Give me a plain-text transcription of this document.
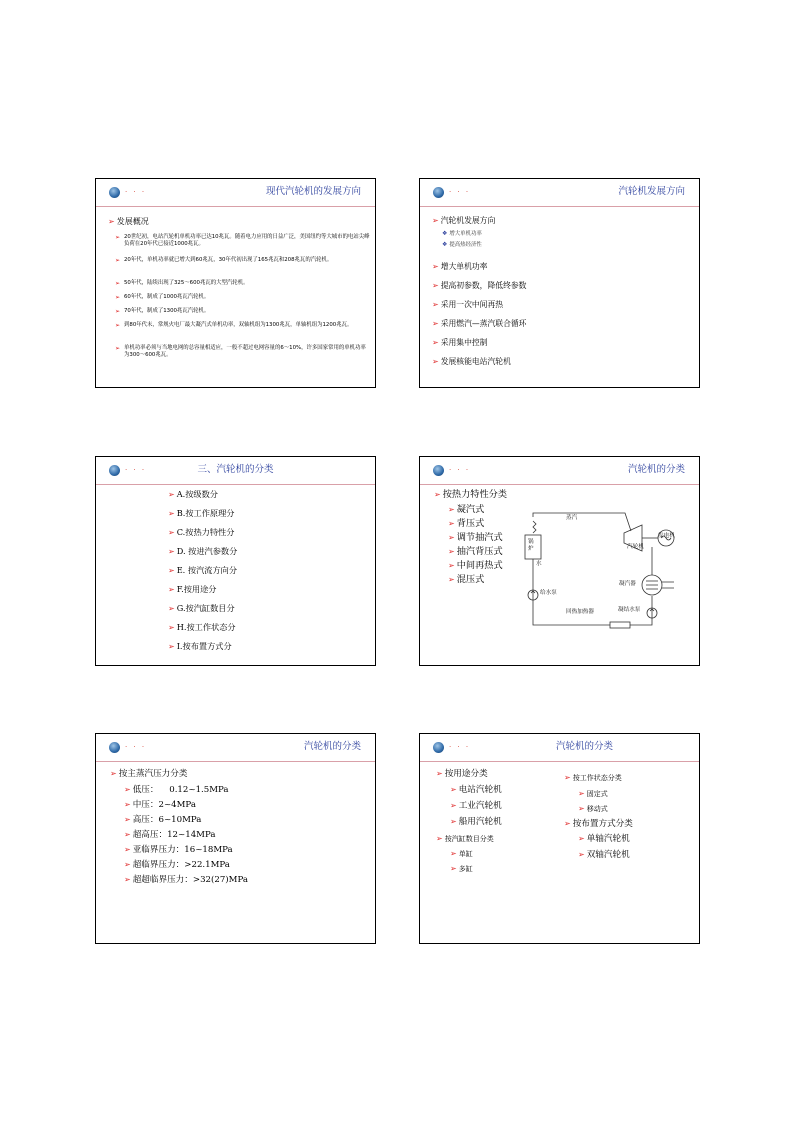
· · ·	现代汽轮机的发展方向
➢ 发展概况
➢ 20世纪初，电站汽轮机单机功率已达10兆瓦。随着电力应用的日益广泛，美国纽约等大城市的电站尖峰负荷在20年代已接近1000兆瓦。
➢ 20年代，单机功率就已增大到60兆瓦，30年代初出现了165兆瓦和208兆瓦的汽轮机。
➢ 50年代，陆续出现了325～600兆瓦的大型汽轮机。
➢ 60年代，制成了1000兆瓦汽轮机。
➢ 70年代，制成了1300兆瓦汽轮机。
➢ 到80年代末，常规火电厂最大凝汽式单机功率，双轴机组为1300兆瓦，单轴机组为1200兆瓦。
➢ 单机功率必须与当地电网的总容量相适应，一般不超过电网容量的6～10%，许多国家常用的单机功率为300～600兆瓦。
· · ·	汽轮机发展方向
➢ 汽轮机发展方向
❖ 增大单机功率
❖ 提高热经济性
➢ 增大单机功率
➢ 提高初参数，降低终参数
➢ 采用一次中间再热
➢ 采用燃汽—蒸汽联合循环
➢ 采用集中控制
➢ 发展核能电站汽轮机
· · ·	三、汽轮机的分类
➢ A.按级数分
➢ B.按工作原理分
➢ C.按热力特性分
➢ D. 按进汽参数分
➢ E. 按汽流方向分
➢ F.按用途分
➢ G.按汽缸数目分
➢ H.按工作状态分
➢ I.按布置方式分
· · ·	汽轮机的分类
➢ 按热力特性分类
➢ 凝汽式
➢ 背压式
➢ 调节抽汽式
➢ 抽汽背压式
➢ 中间再热式
➢ 混压式
蒸汽
锅
炉
水
汽轮机
发电机
凝汽器
给水泵
凝结水泵
回热加热器
· · ·	汽轮机的分类
➢ 按主蒸汽压力分类
➢ 低压： 0.12~1.5MPa
➢ 中压：2~4MPa
➢ 高压：6~10MPa
➢ 超高压：12~14MPa
➢ 亚临界压力：16~18MPa
➢ 超临界压力：>22.1MPa
➢ 超超临界压力：>32(27)MPa
· · ·	汽轮机的分类
➢ 按用途分类
➢ 电站汽轮机
➢ 工业汽轮机
➢ 船用汽轮机
➢ 按汽缸数目分类
➢ 单缸
➢ 多缸
➢ 按工作状态分类
➢ 固定式
➢ 移动式
➢ 按布置方式分类
➢ 单轴汽轮机
➢ 双轴汽轮机
